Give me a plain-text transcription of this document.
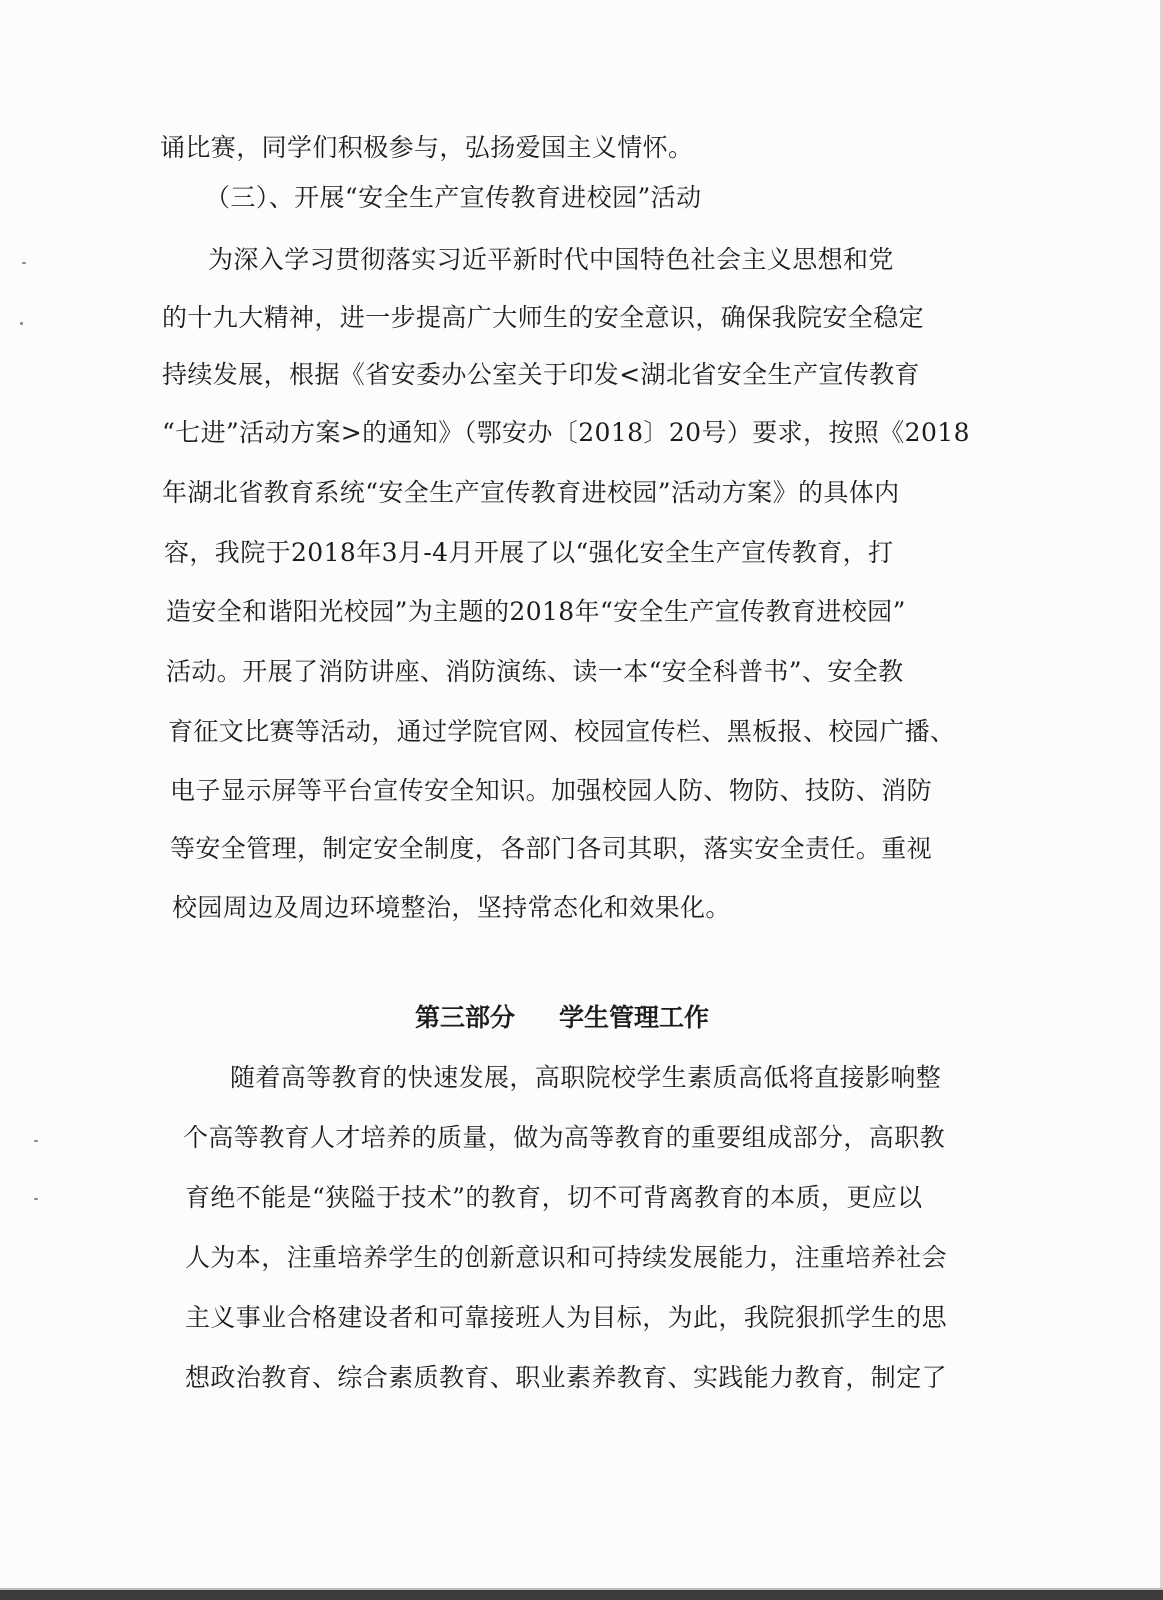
诵比赛，同学们积极参与，弘扬爱国主义情怀。
（三）、开展“安全生产宣传教育进校园”活动
为深入学习贯彻落实习近平新时代中国特色社会主义思想和党
的十九大精神，进一步提高广大师生的安全意识，确保我院安全稳定
持续发展，根据《省安委办公室关于印发<湖北省安全生产宣传教育
“七进”活动方案>的通知》（鄂安办〔2018〕20号）要求，按照《2018
年湖北省教育系统“安全生产宣传教育进校园”活动方案》的具体内
容，我院于2018年3月-4月开展了以“强化安全生产宣传教育，打
造安全和谐阳光校园”为主题的2018年“安全生产宣传教育进校园”
活动。开展了消防讲座、消防演练、读一本“安全科普书”、安全教
育征文比赛等活动，通过学院官网、校园宣传栏、黑板报、校园广播、
电子显示屏等平台宣传安全知识。加强校园人防、物防、技防、消防
等安全管理，制定安全制度，各部门各司其职，落实安全责任。重视
校园周边及周边环境整治，坚持常态化和效果化。
第三部分 学生管理工作
随着高等教育的快速发展，高职院校学生素质高低将直接影响整
个高等教育人才培养的质量，做为高等教育的重要组成部分，高职教
育绝不能是“狭隘于技术”的教育，切不可背离教育的本质，更应以
人为本，注重培养学生的创新意识和可持续发展能力，注重培养社会
主义事业合格建设者和可靠接班人为目标，为此，我院狠抓学生的思
想政治教育、综合素质教育、职业素养教育、实践能力教育，制定了
